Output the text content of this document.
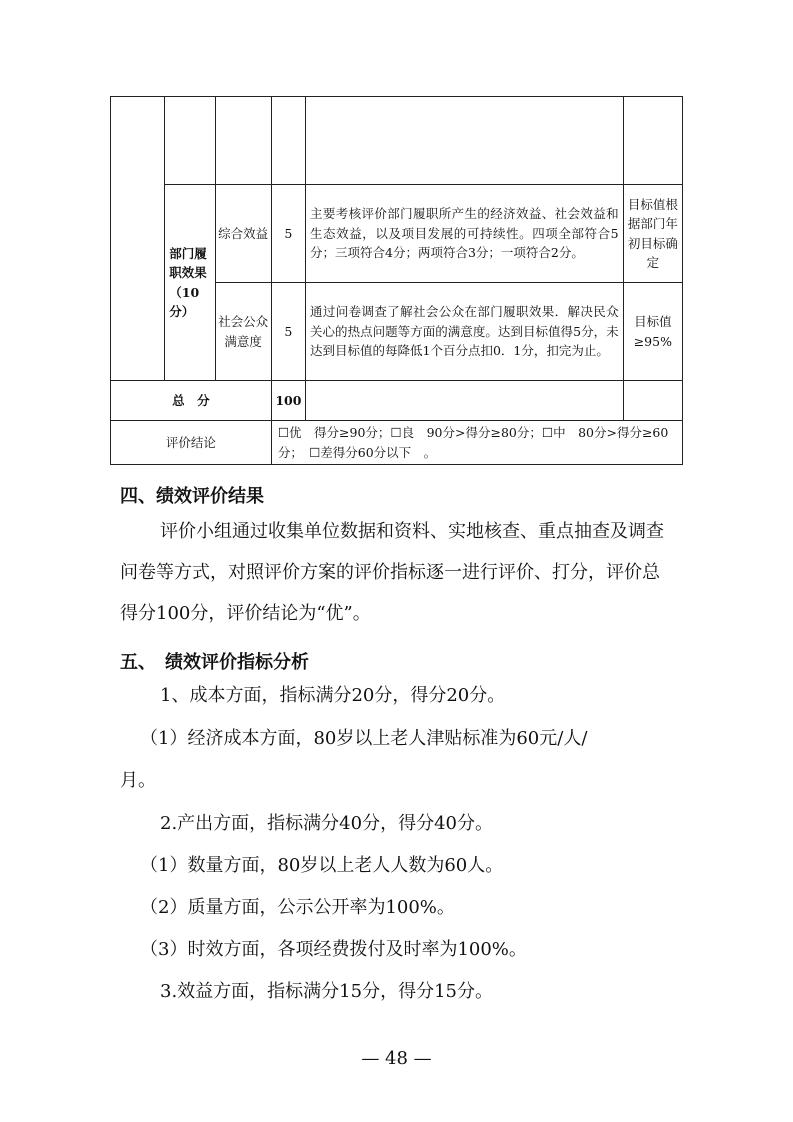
	部门履职效果（10分）	综合效益	5	主要考核评价部门履职所产生的经济效益、社会效益和生态效益，以及项目发展的可持续性。四项全部符合5分；三项符合4分；两项符合3分；一项符合2分。	目标值根据部门年初目标确定
		社会公众满意度	5	通过问卷调查了解社会公众在部门履职效果．解决民众关心的热点问题等方面的满意度。达到目标值得5分，未达到目标值的每降低1个百分点扣0．1分，扣完为止。	目标值≥95%
总　分			100		
评价结论			☐优　得分≥90分；☐良　90分>得分≥80分；☐中　80分>得分≥60分；　☐差得分60分以下　。		
四、绩效评价结果
评价小组通过收集单位数据和资料、实地核查、重点抽查及调查
问卷等方式，对照评价方案的评价指标逐一进行评价、打分，评价总
得分100分，评价结论为“优”。
五、　绩效评价指标分析
1、成本方面，指标满分20分，得分20分。
（1）经济成本方面，80岁以上老人津贴标准为60元/人/
月。
2.产出方面，指标满分40分，得分40分。
（1）数量方面，80岁以上老人人数为60人。
（2）质量方面，公示公开率为100%。
（3）时效方面，各项经费拨付及时率为100%。
3.效益方面，指标满分15分，得分15分。
— 48 —
